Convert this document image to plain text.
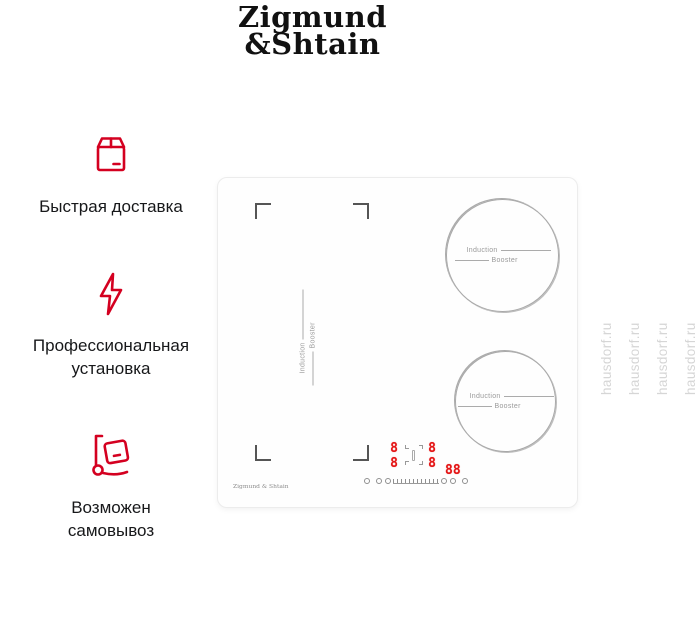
Zigmund
&Shtain
Быстрая доставка
Профессиональная
установка
Возможен
самовывоз
Induction
Booster
Induction
Booster
Induction
Booster
8 8
8 8 88
Zigmund & Shtain
hausdorf.ru hausdorf.ru hausdorf.ru hausdorf.ru
